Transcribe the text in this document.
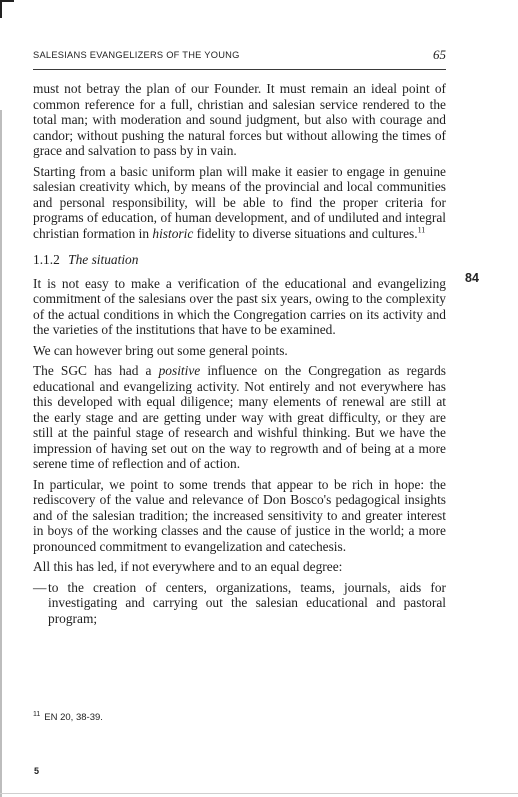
SALESIANS EVANGELIZERS OF THE YOUNG	65

must not betray the plan of our Founder. It must remain an ideal point of common reference for a full, christian and salesian service rendered to the total man; with moderation and sound judgment, but also with courage and candor; without pushing the natural forces but without allowing the times of grace and salvation to pass by in vain.

Starting from a basic uniform plan will make it easier to engage in genuine salesian creativity which, by means of the provincial and local communities and personal responsibility, will be able to find the proper criteria for programs of education, of human development, and of undiluted and integral christian formation in historic fidelity to diverse situations and cultures.$^{11}$

1.1.2 The situation

It is not easy to make a verification of the educational and evangelizing commitment of the salesians over the past six years, owing to the complexity of the actual conditions in which the Congregation carries on its activity and the varieties of the institutions that have to be examined.

We can however bring out some general points.

The SGC has had a positive influence on the Congregation as regards educational and evangelizing activity. Not entirely and not everywhere has this developed with equal diligence; many elements of renewal are still at the early stage and are getting under way with great difficulty, or they are still at the painful stage of research and wishful thinking. But we have the impression of having set out on the way to regrowth and of being at a more serene time of reflection and of action.

In particular, we point to some trends that appear to be rich in hope: the rediscovery of the value and relevance of Don Bosco's pedagogical insights and of the salesian tradition; the increased sensitivity to and greater interest in boys of the working classes and the cause of justice in the world; a more pronounced commitment to evangelization and catechesis.

All this has led, if not everywhere and to an equal degree:

— to the creation of centers, organizations, teams, journals, aids for investigating and carrying out the salesian educational and pastoral program;

84
$^{11}$ EN 20, 38-39.
5
